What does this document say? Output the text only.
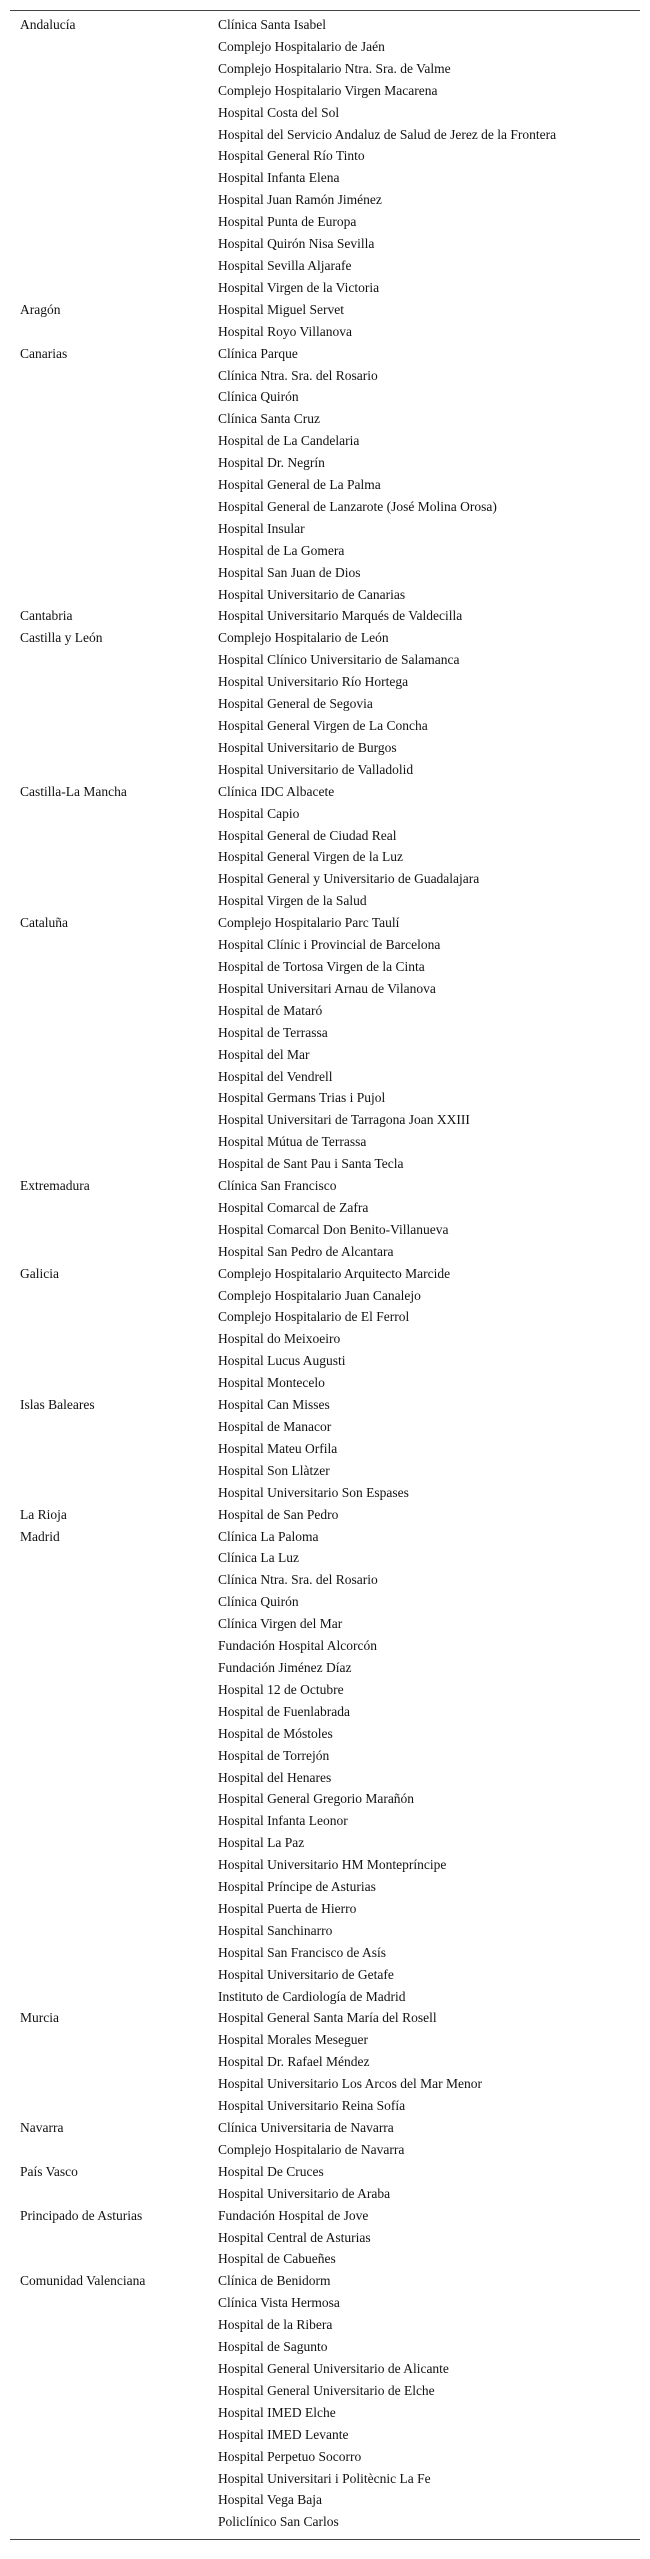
Andalucía	Clínica Santa Isabel
Complejo Hospitalario de Jaén
Complejo Hospitalario Ntra. Sra. de Valme
Complejo Hospitalario Virgen Macarena
Hospital Costa del Sol
Hospital del Servicio Andaluz de Salud de Jerez de la Frontera
Hospital General Río Tinto
Hospital Infanta Elena
Hospital Juan Ramón Jiménez
Hospital Punta de Europa
Hospital Quirón Nisa Sevilla
Hospital Sevilla Aljarafe
Hospital Virgen de la Victoria
Aragón	Hospital Miguel Servet
Hospital Royo Villanova
Canarias	Clínica Parque
Clínica Ntra. Sra. del Rosario
Clínica Quirón
Clínica Santa Cruz
Hospital de La Candelaria
Hospital Dr. Negrín
Hospital General de La Palma
Hospital General de Lanzarote (José Molina Orosa)
Hospital Insular
Hospital de La Gomera
Hospital San Juan de Dios
Hospital Universitario de Canarias
Cantabria	Hospital Universitario Marqués de Valdecilla
Castilla y León	Complejo Hospitalario de León
Hospital Clínico Universitario de Salamanca
Hospital Universitario Río Hortega
Hospital General de Segovia
Hospital General Virgen de La Concha
Hospital Universitario de Burgos
Hospital Universitario de Valladolid
Castilla-La Mancha	Clínica IDC Albacete
Hospital Capio
Hospital General de Ciudad Real
Hospital General Virgen de la Luz
Hospital General y Universitario de Guadalajara
Hospital Virgen de la Salud
Cataluña	Complejo Hospitalario Parc Taulí
Hospital Clínic i Provincial de Barcelona
Hospital de Tortosa Virgen de la Cinta
Hospital Universitari Arnau de Vilanova
Hospital de Mataró
Hospital de Terrassa
Hospital del Mar
Hospital del Vendrell
Hospital Germans Trias i Pujol
Hospital Universitari de Tarragona Joan XXIII
Hospital Mútua de Terrassa
Hospital de Sant Pau i Santa Tecla
Extremadura	Clínica San Francisco
Hospital Comarcal de Zafra
Hospital Comarcal Don Benito-Villanueva
Hospital San Pedro de Alcantara
Galicia	Complejo Hospitalario Arquitecto Marcide
Complejo Hospitalario Juan Canalejo
Complejo Hospitalario de El Ferrol
Hospital do Meixoeiro
Hospital Lucus Augusti
Hospital Montecelo
Islas Baleares	Hospital Can Misses
Hospital de Manacor
Hospital Mateu Orfila
Hospital Son Llàtzer
Hospital Universitario Son Espases
La Rioja	Hospital de San Pedro
Madrid	Clínica La Paloma
Clínica La Luz
Clínica Ntra. Sra. del Rosario
Clínica Quirón
Clínica Virgen del Mar
Fundación Hospital Alcorcón
Fundación Jiménez Díaz
Hospital 12 de Octubre
Hospital de Fuenlabrada
Hospital de Móstoles
Hospital de Torrejón
Hospital del Henares
Hospital General Gregorio Marañón
Hospital Infanta Leonor
Hospital La Paz
Hospital Universitario HM Montepríncipe
Hospital Príncipe de Asturias
Hospital Puerta de Hierro
Hospital Sanchinarro
Hospital San Francisco de Asís
Hospital Universitario de Getafe
Instituto de Cardiología de Madrid
Murcia	Hospital General Santa María del Rosell
Hospital Morales Meseguer
Hospital Dr. Rafael Méndez
Hospital Universitario Los Arcos del Mar Menor
Hospital Universitario Reina Sofía
Navarra	Clínica Universitaria de Navarra
Complejo Hospitalario de Navarra
País Vasco	Hospital De Cruces
Hospital Universitario de Araba
Principado de Asturias	Fundación Hospital de Jove
Hospital Central de Asturias
Hospital de Cabueñes
Comunidad Valenciana	Clínica de Benidorm
Clínica Vista Hermosa
Hospital de la Ribera
Hospital de Sagunto
Hospital General Universitario de Alicante
Hospital General Universitario de Elche
Hospital IMED Elche
Hospital IMED Levante
Hospital Perpetuo Socorro
Hospital Universitari i Politècnic La Fe
Hospital Vega Baja
Policlínico San Carlos
